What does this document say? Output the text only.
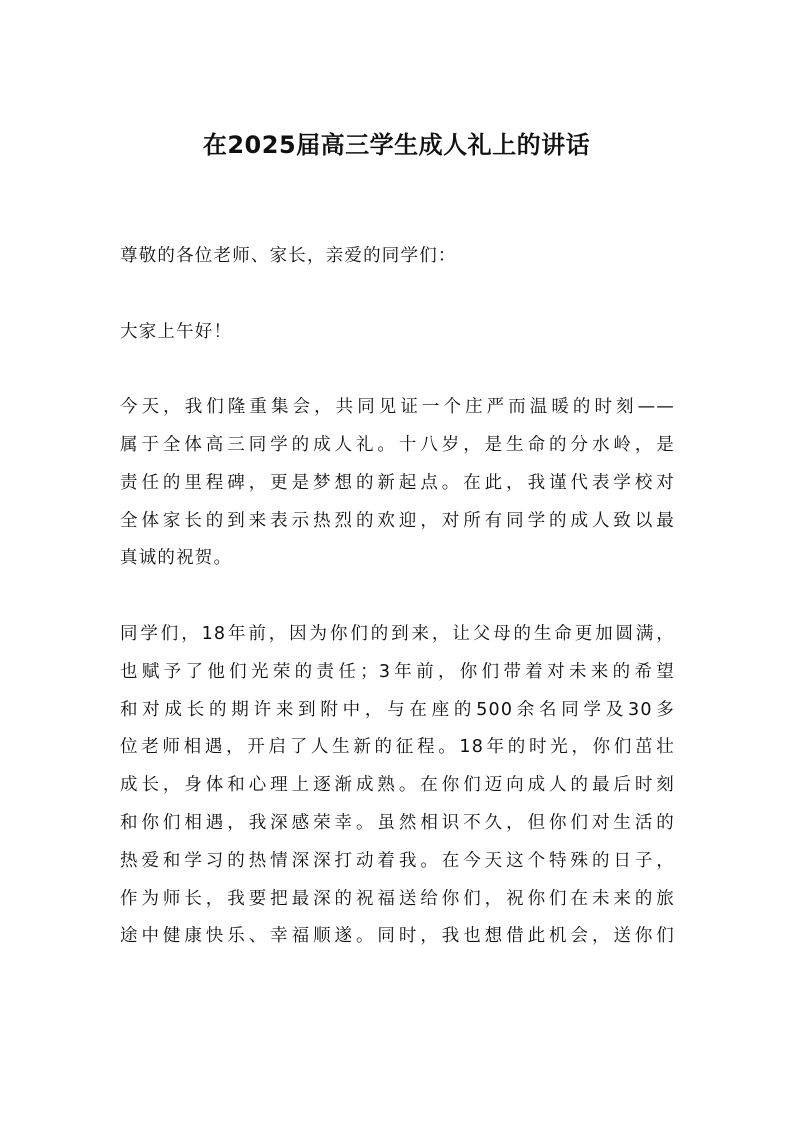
在2025届高三学生成人礼上的讲话

尊敬的各位老师、家长，亲爱的同学们：

大家上午好！

今天，我们隆重集会，共同见证一个庄严而温暖的时刻——
属于全体高三同学的成人礼。十八岁，是生命的分水岭，是
责任的里程碑，更是梦想的新起点。在此，我谨代表学校对
全体家长的到来表示热烈的欢迎，对所有同学的成人致以最
真诚的祝贺。

同学们，18年前，因为你们的到来，让父母的生命更加圆满，
也赋予了他们光荣的责任；3年前，你们带着对未来的希望
和对成长的期许来到附中，与在座的500余名同学及30多
位老师相遇，开启了人生新的征程。18年的时光，你们茁壮
成长，身体和心理上逐渐成熟。在你们迈向成人的最后时刻
和你们相遇，我深感荣幸。虽然相识不久，但你们对生活的
热爱和学习的热情深深打动着我。在今天这个特殊的日子，
作为师长，我要把最深的祝福送给你们，祝你们在未来的旅
途中健康快乐、幸福顺遂。同时，我也想借此机会，送你们
